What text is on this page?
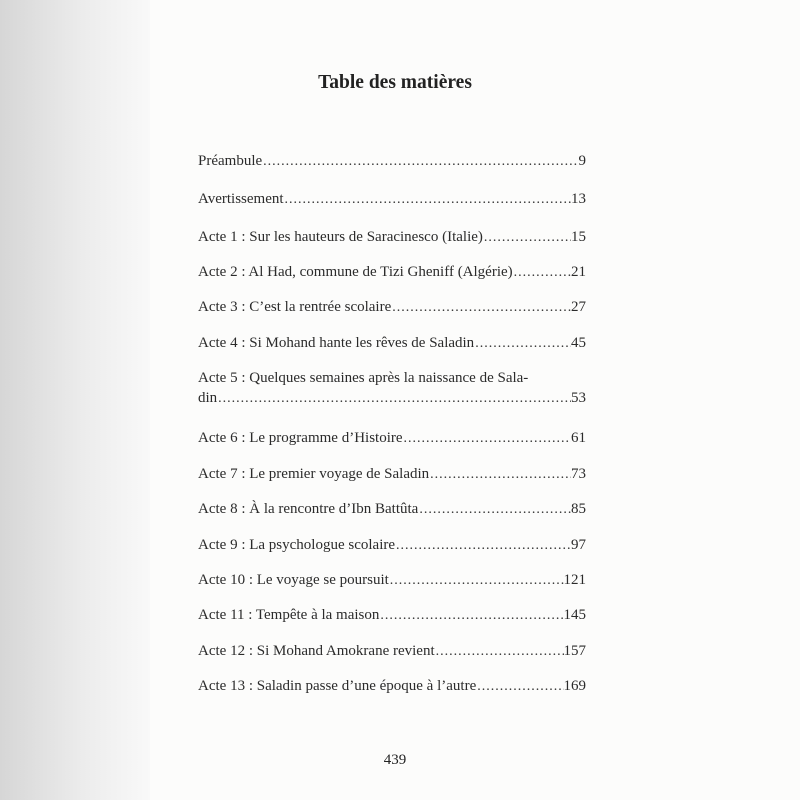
Table des matières
Préambule .....	9
Avertissement .....	13
Acte 1 : Sur les hauteurs de Saracinesco (Italie) .....	15
Acte 2 : Al Had, commune de Tizi Gheniff (Algérie) .....	21
Acte 3 : C’est la rentrée scolaire .....	27
Acte 4 : Si Mohand hante les rêves de Saladin .....	45
Acte 5 : Quelques semaines après la naissance de Sala-
din .....	53
Acte 6 : Le programme d’Histoire .....	61
Acte 7 : Le premier voyage de Saladin .....	73
Acte 8 : À la rencontre d’Ibn Battûta .....	85
Acte 9 : La psychologue scolaire .....	97
Acte 10 : Le voyage se poursuit .....	121
Acte 11 : Tempête à la maison .....	145
Acte 12 : Si Mohand Amokrane revient .....	157
Acte 13 : Saladin passe d’une époque à l’autre .....	169
439
